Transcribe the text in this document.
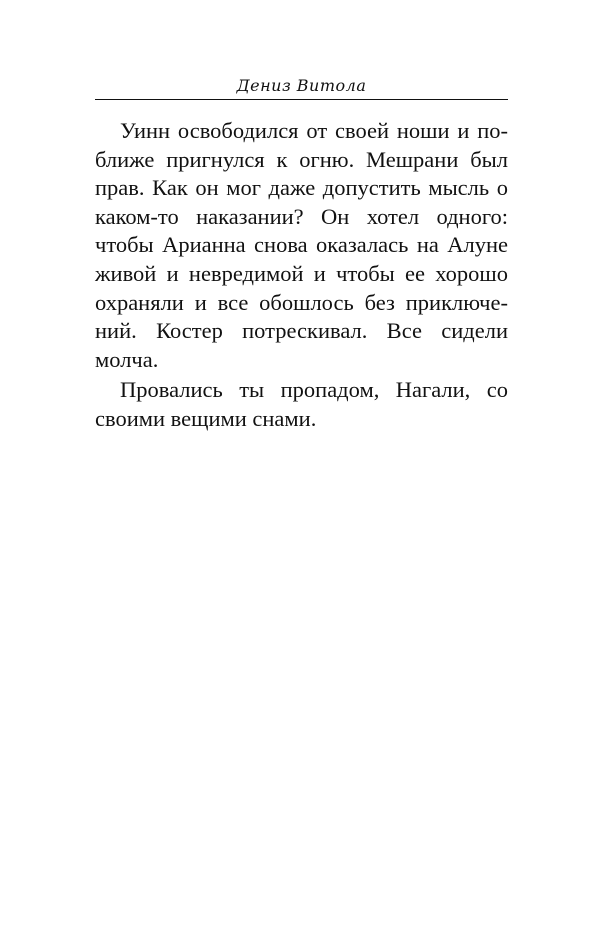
Дениз Витола

Уинн освободился от своей ноши и поближе пригнулся к огню. Мешрани был прав. Как он мог даже допустить мысль о каком-то наказании? Он хотел одного: чтобы Арианна снова оказалась на Алуне живой и невредимой и чтобы ее хорошо охраняли и все обошлось без приключений. Костер потрескивал. Все сидели молча.

Провались ты пропадом, Нагали, со своими вещими снами.
